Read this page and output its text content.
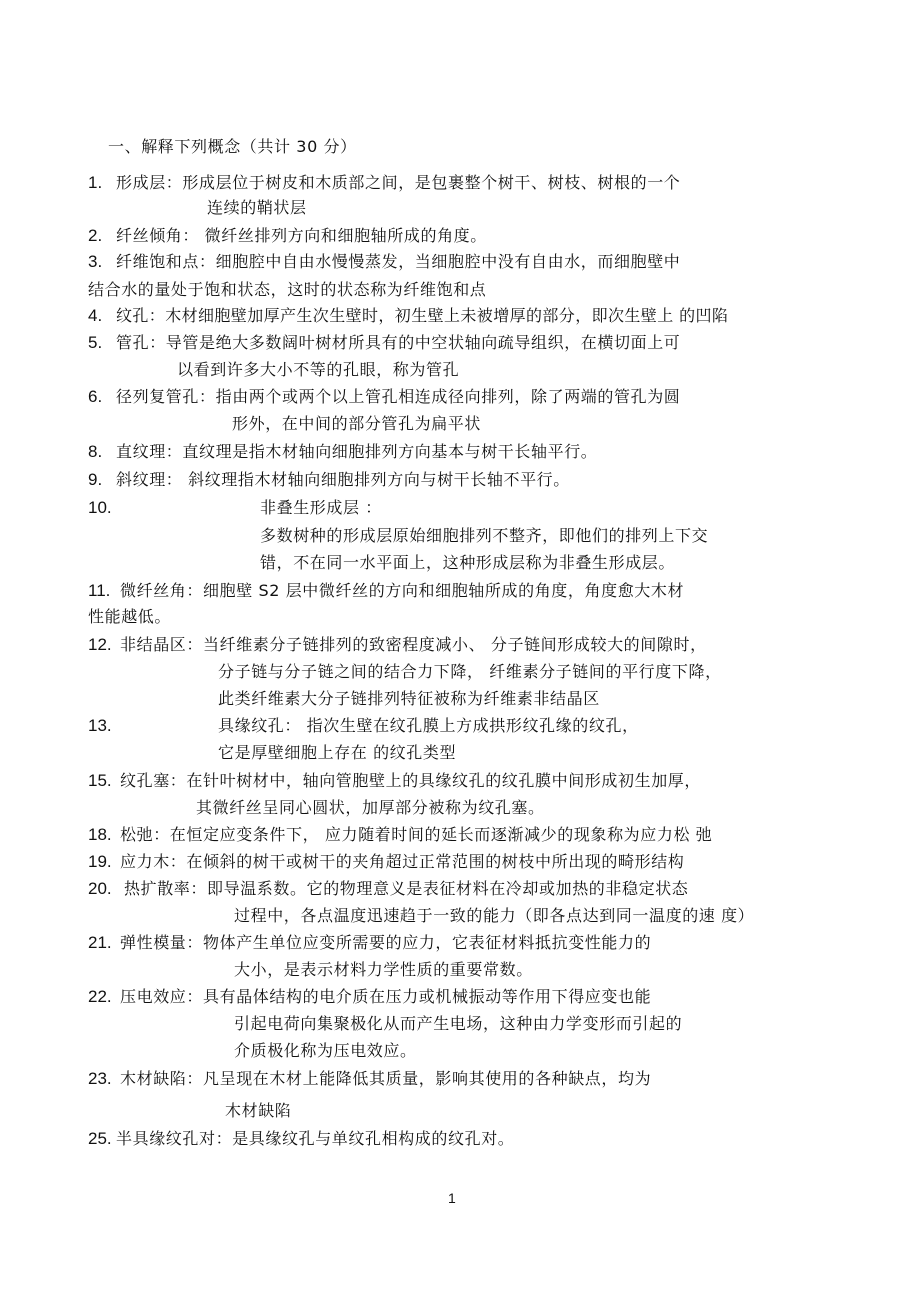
一、解释下列概念（共计 30 分）
1. 形成层：形成层位于树皮和木质部之间，是包裹整个树干、树枝、树根的一个
连续的鞘状层
2. 纤丝倾角： 微纤丝排列方向和细胞轴所成的角度。
3. 纤维饱和点：细胞腔中自由水慢慢蒸发，当细胞腔中没有自由水，而细胞壁中
结合水的量处于饱和状态，这时的状态称为纤维饱和点
4. 纹孔：木材细胞壁加厚产生次生壁时，初生壁上未被增厚的部分，即次生壁上 的凹陷
5. 管孔：导管是绝大多数阔叶树材所具有的中空状轴向疏导组织，在横切面上可
以看到许多大小不等的孔眼，称为管孔
6. 径列复管孔：指由两个或两个以上管孔相连成径向排列，除了两端的管孔为圆
形外，在中间的部分管孔为扁平状
8. 直纹理：直纹理是指木材轴向细胞排列方向基本与树干长轴平行。
9. 斜纹理： 斜纹理指木材轴向细胞排列方向与树干长轴不平行。
10.	非叠生形成层 ：
多数树种的形成层原始细胞排列不整齐，即他们的排列上下交
错，不在同一水平面上，这种形成层称为非叠生形成层。
11. 微纤丝角：细胞壁 S2 层中微纤丝的方向和细胞轴所成的角度，角度愈大木材
性能越低。
12. 非结晶区：当纤维素分子链排列的致密程度减小、 分子链间形成较大的间隙时，
分子链与分子链之间的结合力下降， 纤维素分子链间的平行度下降，
此类纤维素大分子链排列特征被称为纤维素非结晶区
13.	具缘纹孔： 指次生壁在纹孔膜上方成拱形纹孔缘的纹孔，
它是厚壁细胞上存在 的纹孔类型
15. 纹孔塞：在针叶树材中，轴向管胞壁上的具缘纹孔的纹孔膜中间形成初生加厚，
其微纤丝呈同心圆状，加厚部分被称为纹孔塞。
18. 松弛：在恒定应变条件下， 应力随着时间的延长而逐渐减少的现象称为应力松 弛
19. 应力木：在倾斜的树干或树干的夹角超过正常范围的树枝中所出现的畸形结构
20. 热扩散率：即导温系数。它的物理意义是表征材料在冷却或加热的非稳定状态
过程中，各点温度迅速趋于一致的能力（即各点达到同一温度的速 度）
21. 弹性模量：物体产生单位应变所需要的应力，它表征材料抵抗变性能力的
大小，是表示材料力学性质的重要常数。
22. 压电效应：具有晶体结构的电介质在压力或机械振动等作用下得应变也能
引起电荷向集聚极化从而产生电场，这种由力学变形而引起的
介质极化称为压电效应。
23. 木材缺陷：凡呈现在木材上能降低其质量，影响其使用的各种缺点，均为
木材缺陷
25. 半具缘纹孔对：是具缘纹孔与单纹孔相构成的纹孔对。
1
